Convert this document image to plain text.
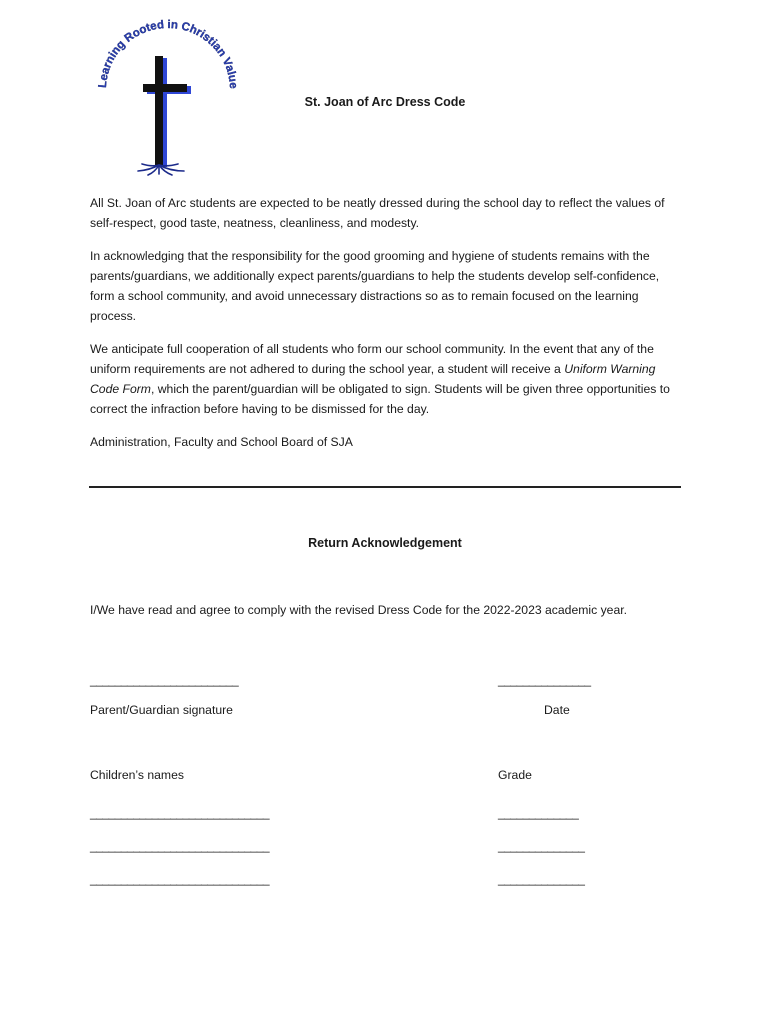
Learning Rooted in Christian Value
St. Joan of Arc Dress Code

All St. Joan of Arc students are expected to be neatly dressed during the school day to reflect the values of self-respect, good taste, neatness, cleanliness, and modesty.

In acknowledging that the responsibility for the good grooming and hygiene of students remains with the parents/guardians, we additionally expect parents/guardians to help the students develop self-confidence, form a school community, and avoid unnecessary distractions so as to remain focused on the learning process.

We anticipate full cooperation of all students who form our school community. In the event that any of the uniform requirements are not adhered to during the school year, a student will receive a Uniform Warning Code Form, which the parent/guardian will be obligated to sign. Students will be given three opportunities to correct the infraction before having to be dismissed for the day.

Administration, Faculty and School Board of SJA

Return Acknowledgement

I/We have read and agree to comply with the revised Dress Code for the 2022-2023 academic year.

________________________	_______________
Parent/Guardian signature	Date
Children’s names	Grade
_____________________________	_____________
_____________________________	______________
_____________________________	______________
